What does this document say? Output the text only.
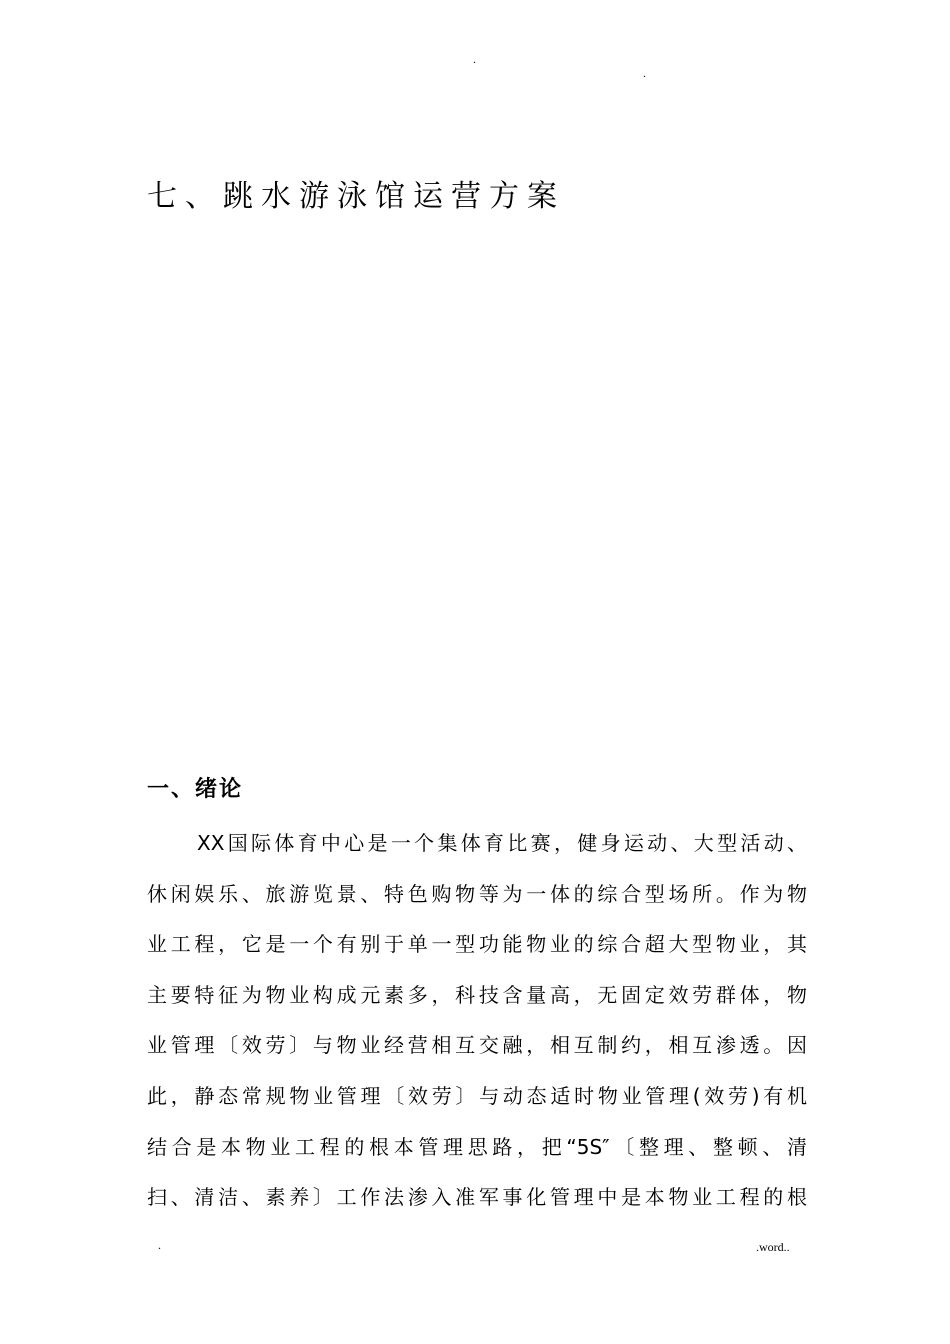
.
.
七、跳水游泳馆运营方案
一、绪论
XX国际体育中心是一个集体育比赛，健身运动、大型活动、
休闲娱乐、旅游览景、特色购物等为一体的综合型场所。作为物
业工程，它是一个有别于单一型功能物业的综合超大型物业，其
主要特征为物业构成元素多，科技含量高，无固定效劳群体，物
业管理〔效劳〕与物业经营相互交融，相互制约，相互渗透。因
此，静态常规物业管理〔效劳〕与动态适时物业管理(效劳)有机
结合是本物业工程的根本管理思路，把“5S″〔整理、整顿、清
扫、清洁、素养〕工作法渗入准军事化管理中是本物业工程的根
.	.word..
